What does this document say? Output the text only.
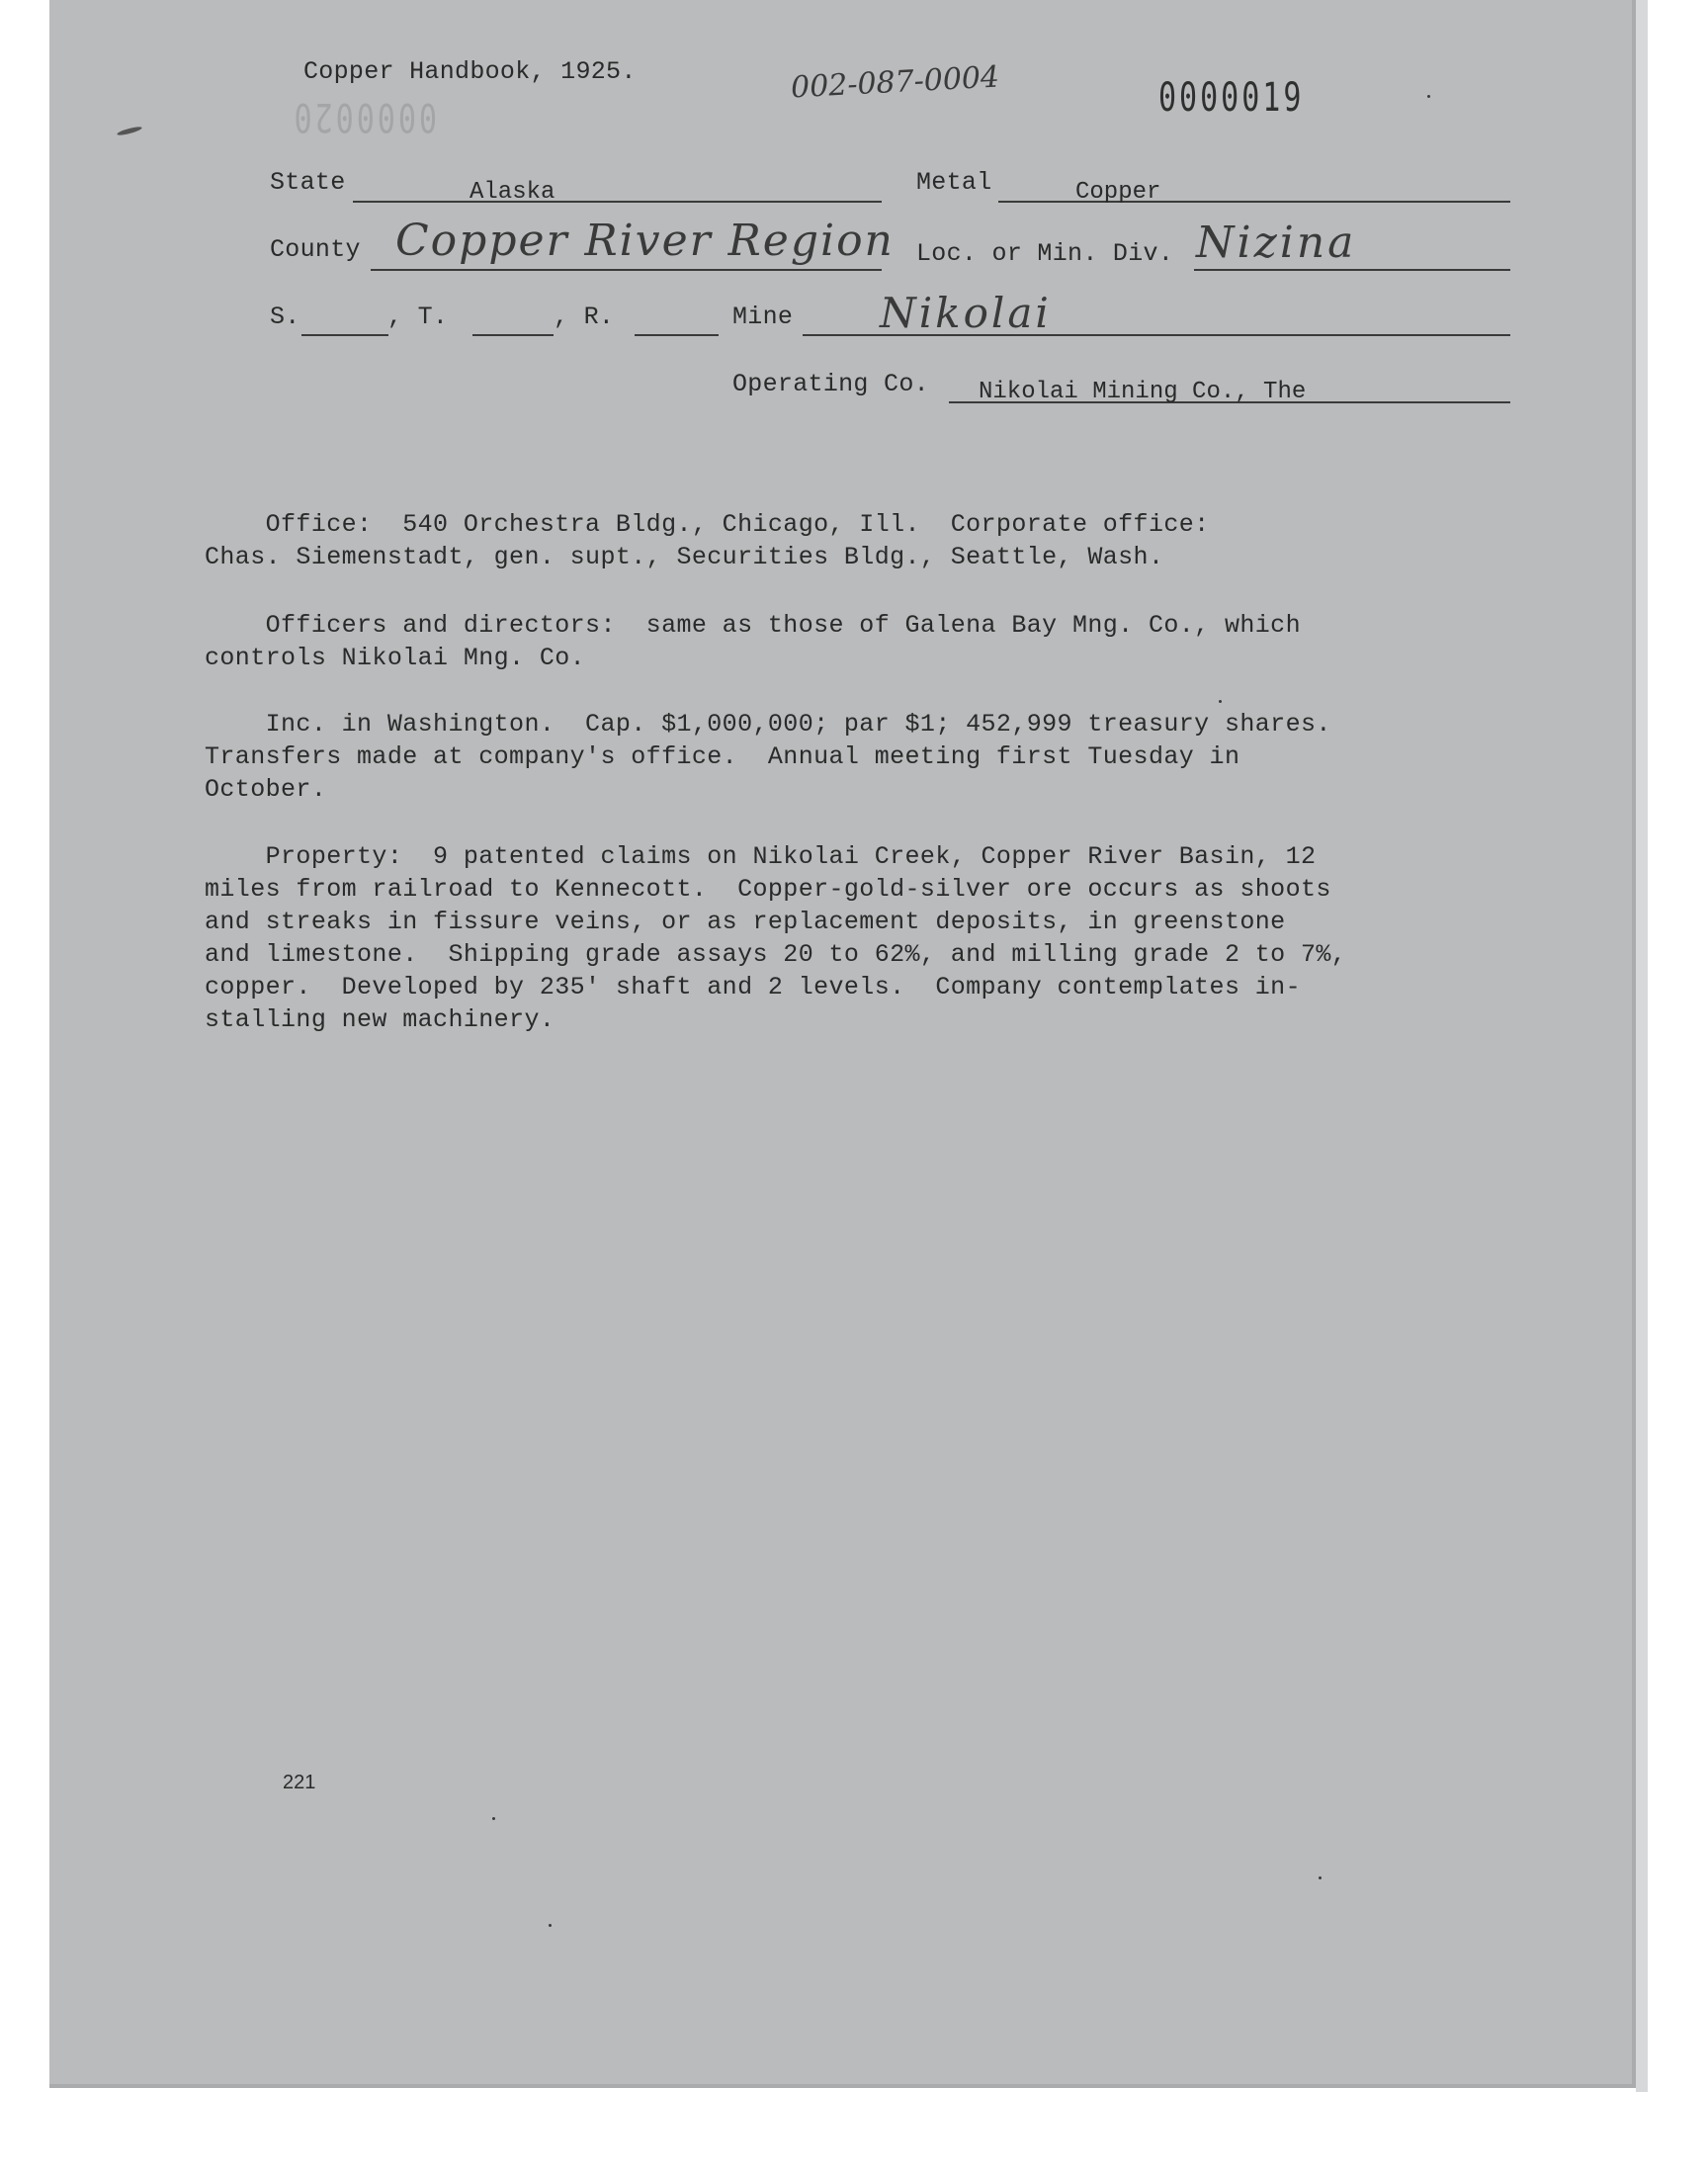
Copper Handbook, 1925.	002-087-0004	0000019
0000020
State	Alaska	Metal	Copper
County Copper River Region Loc. or Min. Div. Nizina
S.	, T.	, R.	Mine Nikolai
Operating Co. Nikolai Mining Co., The
Office:  540 Orchestra Bldg., Chicago, Ill.  Corporate office:
Chas. Siemenstadt, gen. supt., Securities Bldg., Seattle, Wash.
Officers and directors:  same as those of Galena Bay Mng. Co., which
controls Nikolai Mng. Co.
Inc. in Washington.  Cap. $1,000,000; par $1; 452,999 treasury shares.
Transfers made at company's office.  Annual meeting first Tuesday in
October.
Property:  9 patented claims on Nikolai Creek, Copper River Basin, 12
miles from railroad to Kennecott.  Copper-gold-silver ore occurs as shoots
and streaks in fissure veins, or as replacement deposits, in greenstone
and limestone.  Shipping grade assays 20 to 62%, and milling grade 2 to 7%,
copper.  Developed by 235' shaft and 2 levels.  Company contemplates in-
stalling new machinery.
221
